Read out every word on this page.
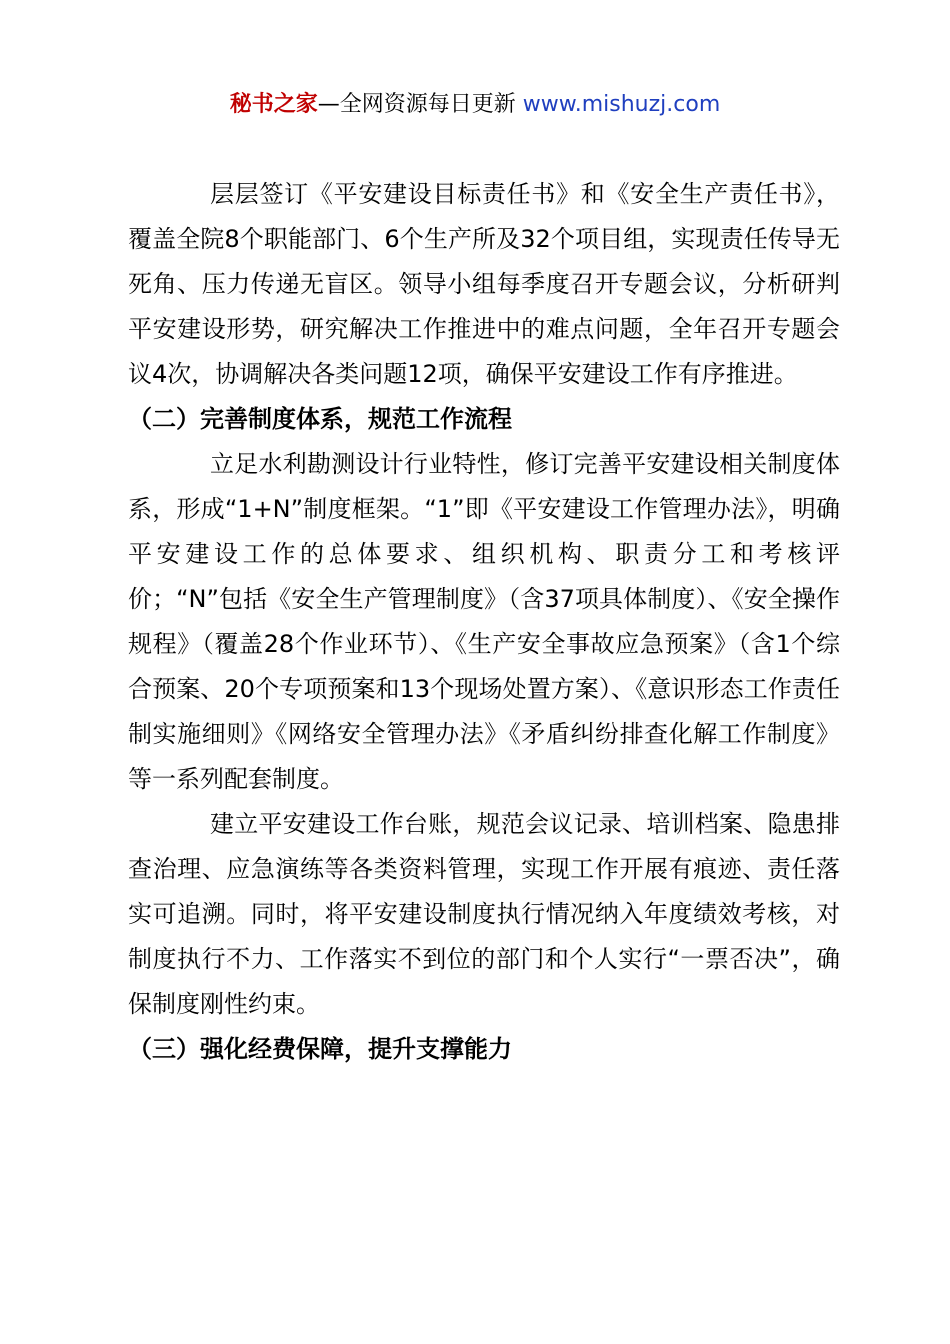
秘书之家—全网资源每日更新 www.mishuzj.com

层层签订《平安建设目标责任书》和《安全生产责任书》，覆盖全院8个职能部门、6个生产所及32个项目组，实现责任传导无死角、压力传递无盲区。领导小组每季度召开专题会议，分析研判平安建设形势，研究解决工作推进中的难点问题，全年召开专题会议4次，协调解决各类问题12项，确保平安建设工作有序推进。

（二）完善制度体系，规范工作流程

立足水利勘测设计行业特性，修订完善平安建设相关制度体系，形成“1+N”制度框架。“1”即《平安建设工作管理办法》，明确平安建设工作的总体要求、组织机构、职责分工和考核评价；“N”包括《安全生产管理制度》（含37项具体制度）、《安全操作规程》（覆盖28个作业环节）、《生产安全事故应急预案》（含1个综合预案、20个专项预案和13个现场处置方案）、《意识形态工作责任制实施细则》《网络安全管理办法》《矛盾纠纷排查化解工作制度》等一系列配套制度。

建立平安建设工作台账，规范会议记录、培训档案、隐患排查治理、应急演练等各类资料管理，实现工作开展有痕迹、责任落实可追溯。同时，将平安建设制度执行情况纳入年度绩效考核，对制度执行不力、工作落实不到位的部门和个人实行“一票否决”，确保制度刚性约束。

（三）强化经费保障，提升支撑能力
